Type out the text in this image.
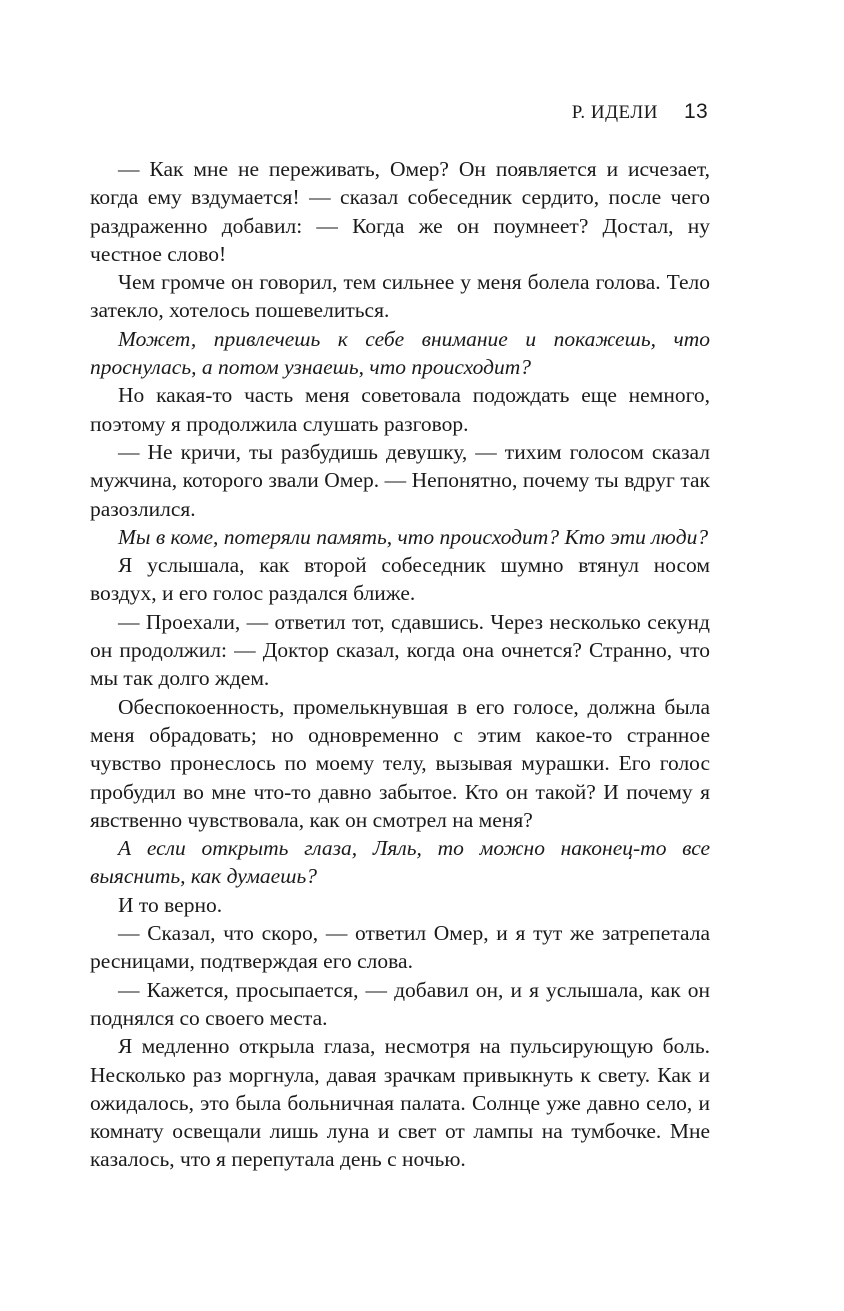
Р. ИДЕЛИ 13

— Как мне не переживать, Омер? Он появляется и исчезает, когда ему вздумается! — сказал собеседник сердито, после чего раздраженно добавил: — Когда же он поумнеет? Достал, ну честное слово!

Чем громче он говорил, тем сильнее у меня болела голова. Тело затекло, хотелось пошевелиться.

Может, привлечешь к себе внимание и покажешь, что проснулась, а потом узнаешь, что происходит?

Но какая-то часть меня советовала подождать еще немного, поэтому я продолжила слушать разговор.

— Не кричи, ты разбудишь девушку, — тихим голосом сказал мужчина, которого звали Омер. — Непонятно, почему ты вдруг так разозлился.

Мы в коме, потеряли память, что происходит? Кто эти люди?

Я услышала, как второй собеседник шумно втянул носом воздух, и его голос раздался ближе.

— Проехали, — ответил тот, сдавшись. Через несколько секунд он продолжил: — Доктор сказал, когда она очнется? Странно, что мы так долго ждем.

Обеспокоенность, промелькнувшая в его голосе, должна была меня обрадовать; но одновременно с этим какое-то странное чувство пронеслось по моему телу, вызывая мурашки. Его голос пробудил во мне что-то давно забытое. Кто он такой? И почему я явственно чувствовала, как он смотрел на меня?

А если открыть глаза, Ляль, то можно наконец-то все выяснить, как думаешь?

И то верно.

— Сказал, что скоро, — ответил Омер, и я тут же затрепетала ресницами, подтверждая его слова.

— Кажется, просыпается, — добавил он, и я услышала, как он поднялся со своего места.

Я медленно открыла глаза, несмотря на пульсирующую боль. Несколько раз моргнула, давая зрачкам привыкнуть к свету. Как и ожидалось, это была больничная палата. Солнце уже давно село, и комнату освещали лишь луна и свет от лампы на тумбочке. Мне казалось, что я перепутала день с ночью.
